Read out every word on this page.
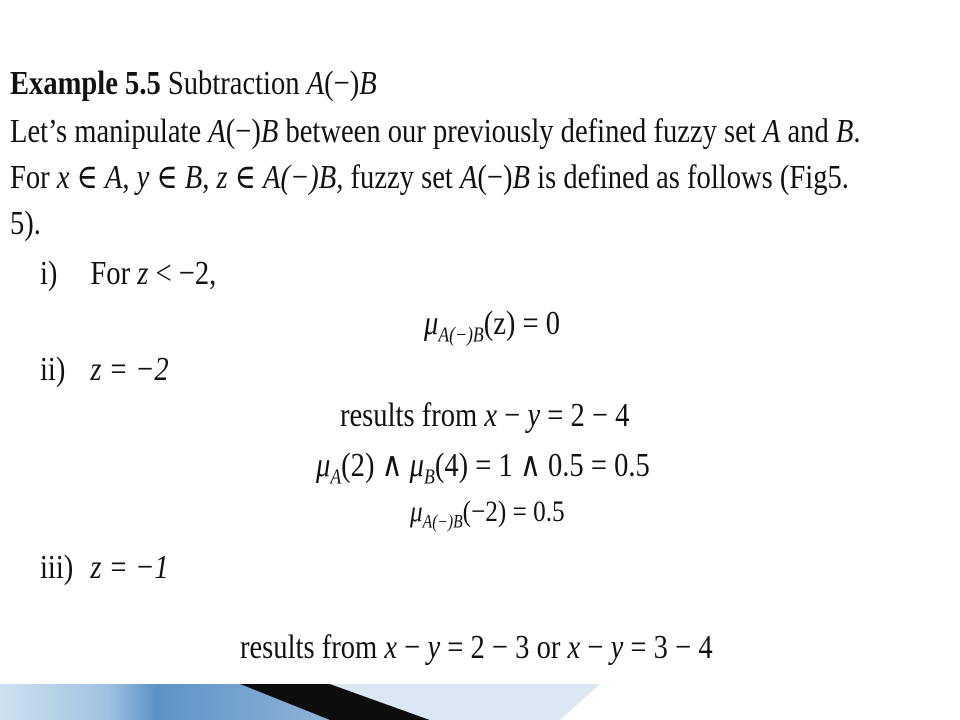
Example 5.5 Subtraction A(−)B
Let’s manipulate A(−)B between our previously defined fuzzy set A and B.
For x ∈ A, y ∈ B, z ∈ A(−)B, fuzzy set A(−)B is defined as follows (Fig5.
5).
i) For z < −2,
$\mu_{A(-)B}(z) = 0$
ii) z = −2
results from x − y = 2 − 4
$\mu_A(2)$ ∧ $\mu_B(4) = 1$ ∧ 0.5 = 0.5
$\mu_{A(-)B}(-2) = 0.5$
iii) z = −1
results from x − y = 2 − 3 or x − y = 3 − 4
